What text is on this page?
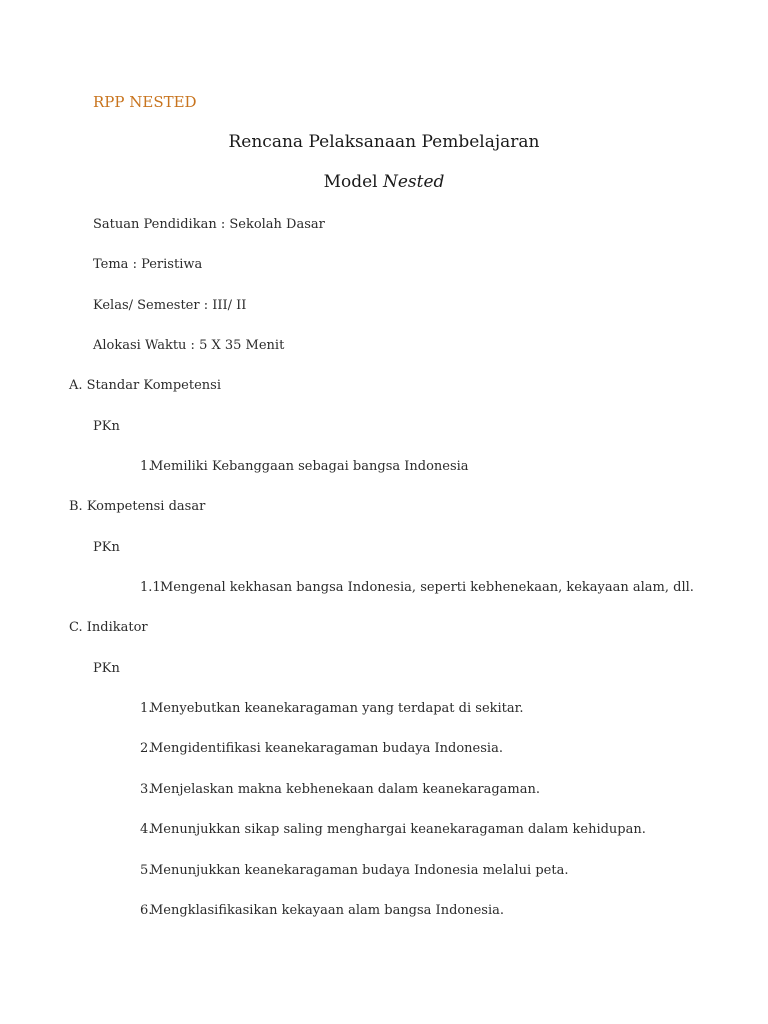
RPP NESTED
Rencana Pelaksanaan Pembelajaran
Model Nested
Satuan Pendidikan : Sekolah Dasar
Tema : Peristiwa
Kelas/ Semester : III/ II
Alokasi Waktu : 5 X 35 Menit
A. Standar Kompetensi
PKn
1.Memiliki Kebanggaan sebagai bangsa Indonesia
B. Kompetensi dasar
PKn
1.1.Mengenal kekhasan bangsa Indonesia, seperti kebhenekaan, kekayaan alam, dll.
C. Indikator
PKn
1.Menyebutkan keanekaragaman yang terdapat di sekitar.
2.Mengidentifikasi keanekaragaman budaya Indonesia.
3.Menjelaskan makna kebhenekaan dalam keanekaragaman.
4.Menunjukkan sikap saling menghargai keanekaragaman dalam kehidupan.
5.Menunjukkan keanekaragaman budaya Indonesia melalui peta.
6.Mengklasifikasikan kekayaan alam bangsa Indonesia.
